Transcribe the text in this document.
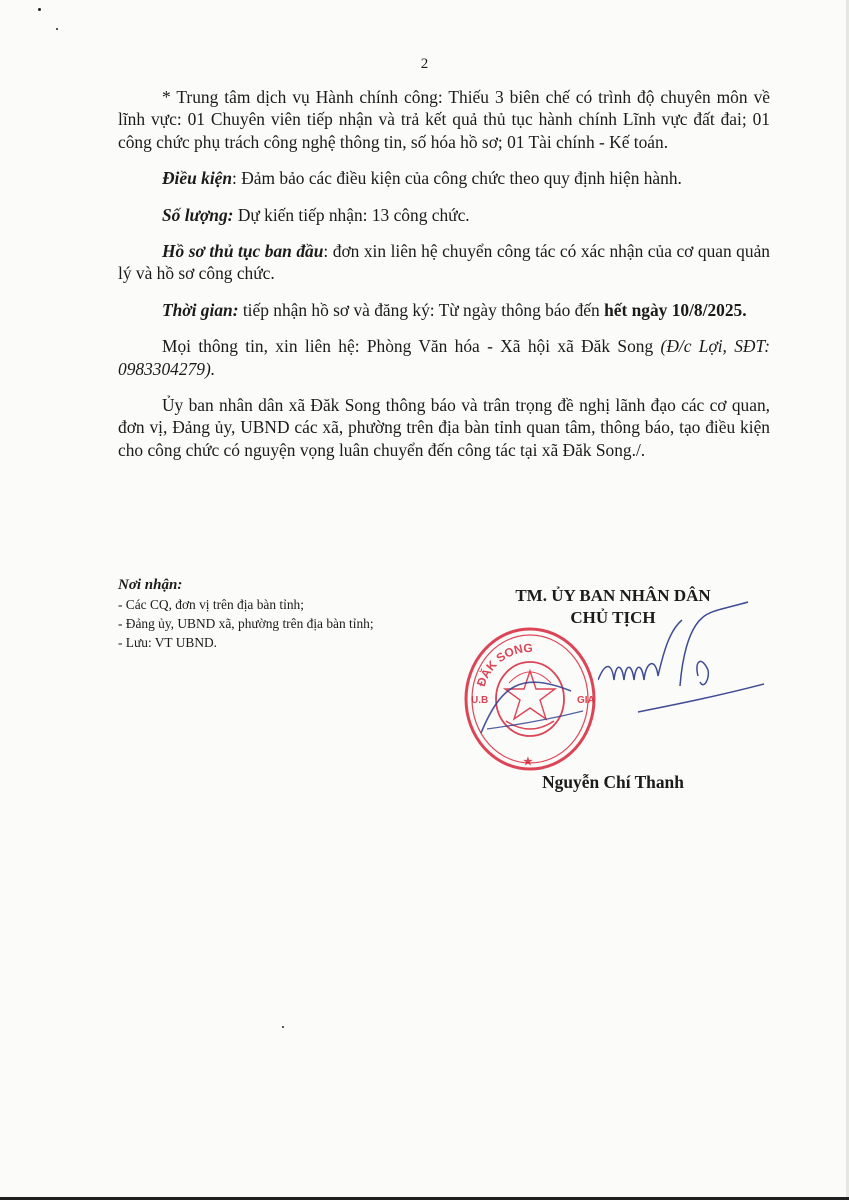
2

* Trung tâm dịch vụ Hành chính công: Thiếu 3 biên chế có trình độ chuyên môn về lĩnh vực: 01 Chuyên viên tiếp nhận và trả kết quả thủ tục hành chính Lĩnh vực đất đai; 01 công chức phụ trách công nghệ thông tin, số hóa hồ sơ; 01 Tài chính - Kế toán.

Điều kiện: Đảm bảo các điều kiện của công chức theo quy định hiện hành.

Số lượng: Dự kiến tiếp nhận: 13 công chức.

Hồ sơ thủ tục ban đầu: đơn xin liên hệ chuyển công tác có xác nhận của cơ quan quản lý và hồ sơ công chức.

Thời gian: tiếp nhận hồ sơ và đăng ký: Từ ngày thông báo đến hết ngày 10/8/2025.

Mọi thông tin, xin liên hệ: Phòng Văn hóa - Xã hội xã Đăk Song (Đ/c Lợi, SĐT: 0983304279).

Ủy ban nhân dân xã Đăk Song thông báo và trân trọng đề nghị lãnh đạo các cơ quan, đơn vị, Đảng ủy, UBND các xã, phường trên địa bàn tỉnh quan tâm, thông báo, tạo điều kiện cho công chức có nguyện vọng luân chuyển đến công tác tại xã Đăk Song./.

Nơi nhận:
- Các CQ, đơn vị trên địa bàn tỉnh;
- Đảng ủy, UBND xã, phường trên địa bàn tỉnh;
- Lưu: VT UBND.
TM. ỦY BAN NHÂN DÂN
CHỦ TỊCH
ĐĂK SONG
U.B	GIA
★
Nguyễn Chí Thanh
